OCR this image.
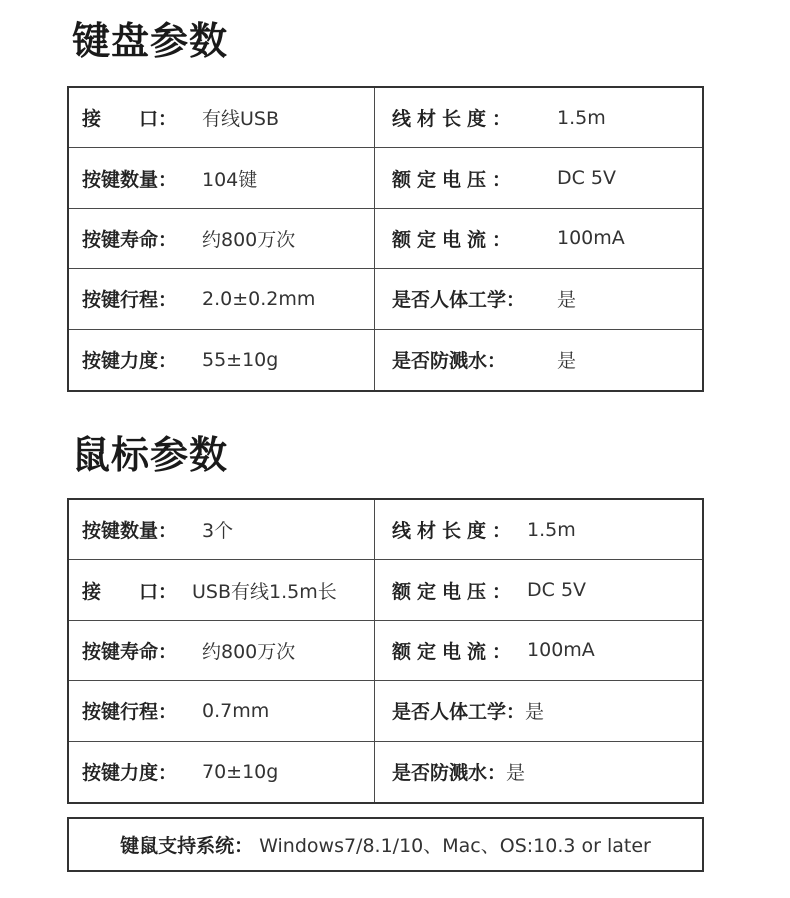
键盘参数
接　　口：	有线USB	线材长度：	1.5m
按键数量：	104键	额定电压：	DC 5V
按键寿命：	约800万次	额定电流：	100mA
按键行程：	2.0±0.2mm	是否人体工学：	是
按键力度：	55±10g	是否防溅水：	是
鼠标参数
按键数量：	3个	线材长度： 1.5m
接　　口： USB有线1.5m长	额定电压： DC 5V
按键寿命：	约800万次	额定电流： 100mA
按键行程：	0.7mm	是否人体工学： 是
按键力度：	70±10g	是否防溅水： 是
键鼠支持系统： Windows7/8.1/10、Mac、OS:10.3 or later
